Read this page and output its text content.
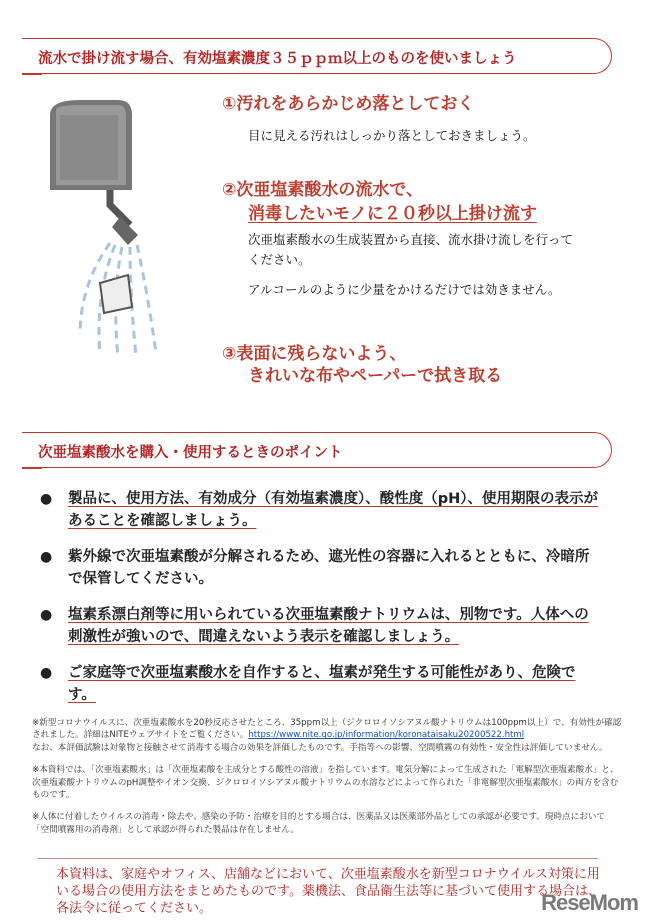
流水で掛け流す場合、有効塩素濃度３５ｐｐｍ以上のものを使いましょう
①汚れをあらかじめ落としておく
目に見える汚れはしっかり落としておきましょう。
②次亜塩素酸水の流水で、
消毒したいモノに２０秒以上掛け流す
次亜塩素酸水の生成装置から直接、流水掛け流しを行ってください。
アルコールのように少量をかけるだけでは効きません。
③表面に残らないよう、
きれいな布やペーパーで拭き取る
次亜塩素酸水を購入・使用するときのポイント
●	製品に、使用方法、有効成分（有効塩素濃度）、酸性度（pH）、使用期限の表示があることを確認しましょう。
●	紫外線で次亜塩素酸が分解されるため、遮光性の容器に入れるとともに、冷暗所で保管してください。
●	塩素系漂白剤等に用いられている次亜塩素酸ナトリウムは、別物です。人体への刺激性が強いので、間違えないよう表示を確認しましょう。
●	ご家庭等で次亜塩素酸水を自作すると、塩素が発生する可能性があり、危険です。

※新型コロナウイルスに、次亜塩素酸水を20秒反応させたところ、35ppm以上（ジクロロイソシアヌル酸ナトリウムは100ppm以上）で、有効性が確認されました。詳細はNITEウェブサイトをご覧ください。https://www.nite.go.jp/information/koronataisaku20200522.html
なお、本評価試験は対象物と接触させて消毒する場合の効果を評価したものです。手指等への影響、空間噴霧の有効性・安全性は評価していません。

※本資料では、「次亜塩素酸水」は「次亜塩素酸を主成分とする酸性の溶液」を指しています。電気分解によって生成された「電解型次亜塩素酸水」と、次亜塩素酸ナトリウムのpH調整やイオン交換、ジクロロイソシアヌル酸ナトリウムの水溶などによって作られた「非電解型次亜塩素酸水」の両方を含むものです。

※人体に付着したウイルスの消毒・除去や、感染の予防・治療を目的とする場合は、医薬品又は医薬部外品としての承認が必要です。現時点において「空間噴霧用の消毒剤」として承認が得られた製品は存在しません。

本資料は、家庭やオフィス、店舗などにおいて、次亜塩素酸水を新型コロナウイルス対策に用いる場合の使用方法をまとめたものです。薬機法、食品衛生法等に基づいて使用する場合は、各法令に従ってください。	ReseMom
